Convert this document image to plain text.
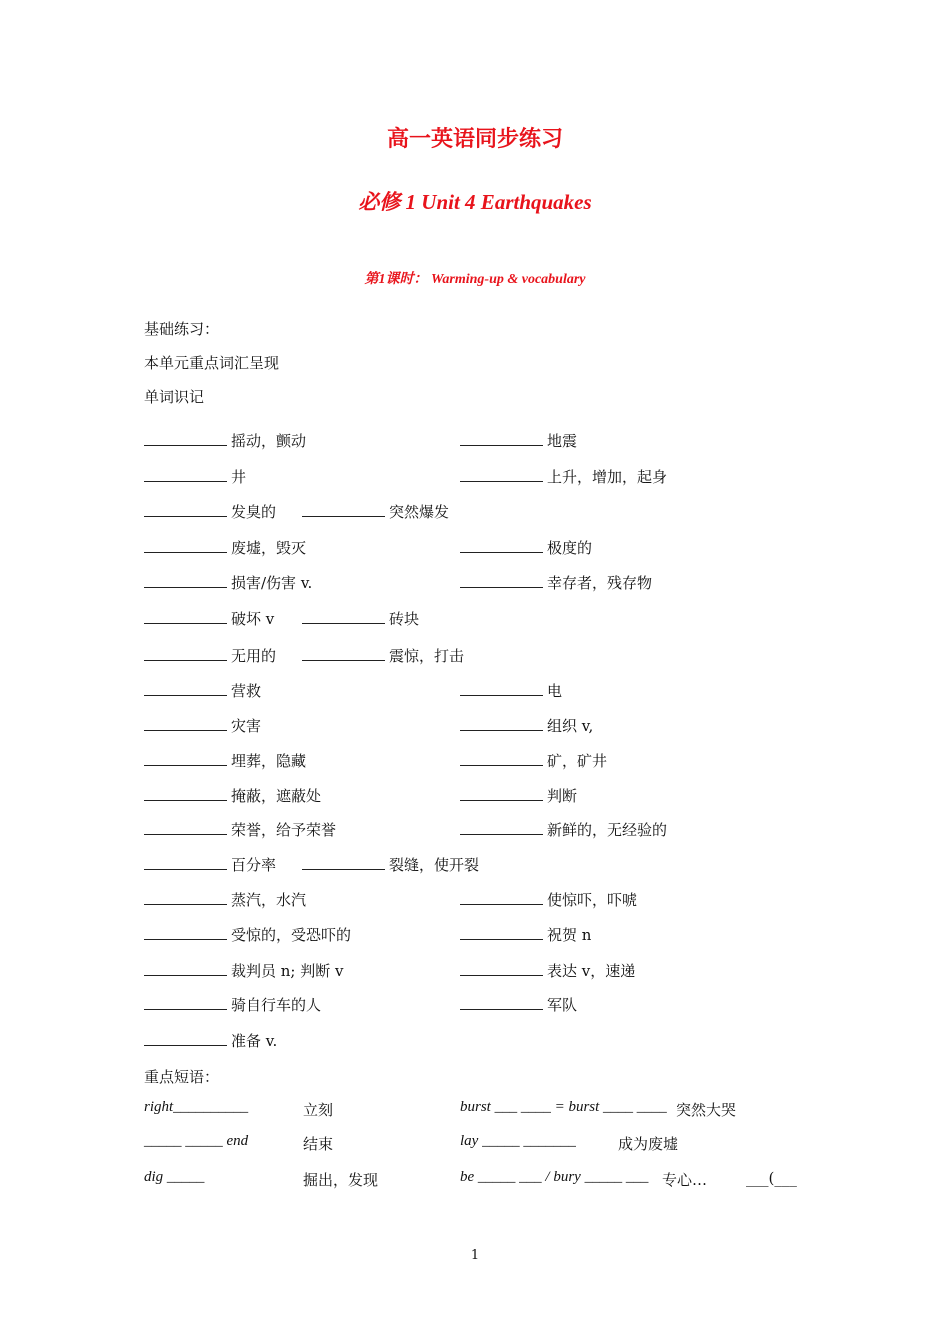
高一英语同步练习
必修 1 Unit 4 Earthquakes
第1课时： Warming-up & vocabulary
基础练习：
本单元重点词汇呈现
单词识记
摇动，颤动	地震
井	上升，增加，起身
发臭的	突然爆发
废墟，毁灭	极度的
损害/伤害 v.	幸存者，残存物
破坏 v	砖块
无用的	震惊，打击
营救	电
灾害	组织 v,
埋葬，隐藏	矿，矿井
掩蔽，遮蔽处	判断
荣誉，给予荣誉	新鲜的，无经验的
百分率	裂缝，使开裂
蒸汽，水汽	使惊吓，吓唬
受惊的，受恐吓的	祝贺 n
裁判员 n; 判断 v	表达 v，速递
骑自行车的人	军队
准备 v.
重点短语：
right__________	立刻	burst ___ ____ = burst ____ ____ 突然大哭
_____ _____ end	结束	lay _____ _______	成为废墟
dig _____	掘出，发现	be _____ ___ / bury _____ ___ 专心…	___(___
1
